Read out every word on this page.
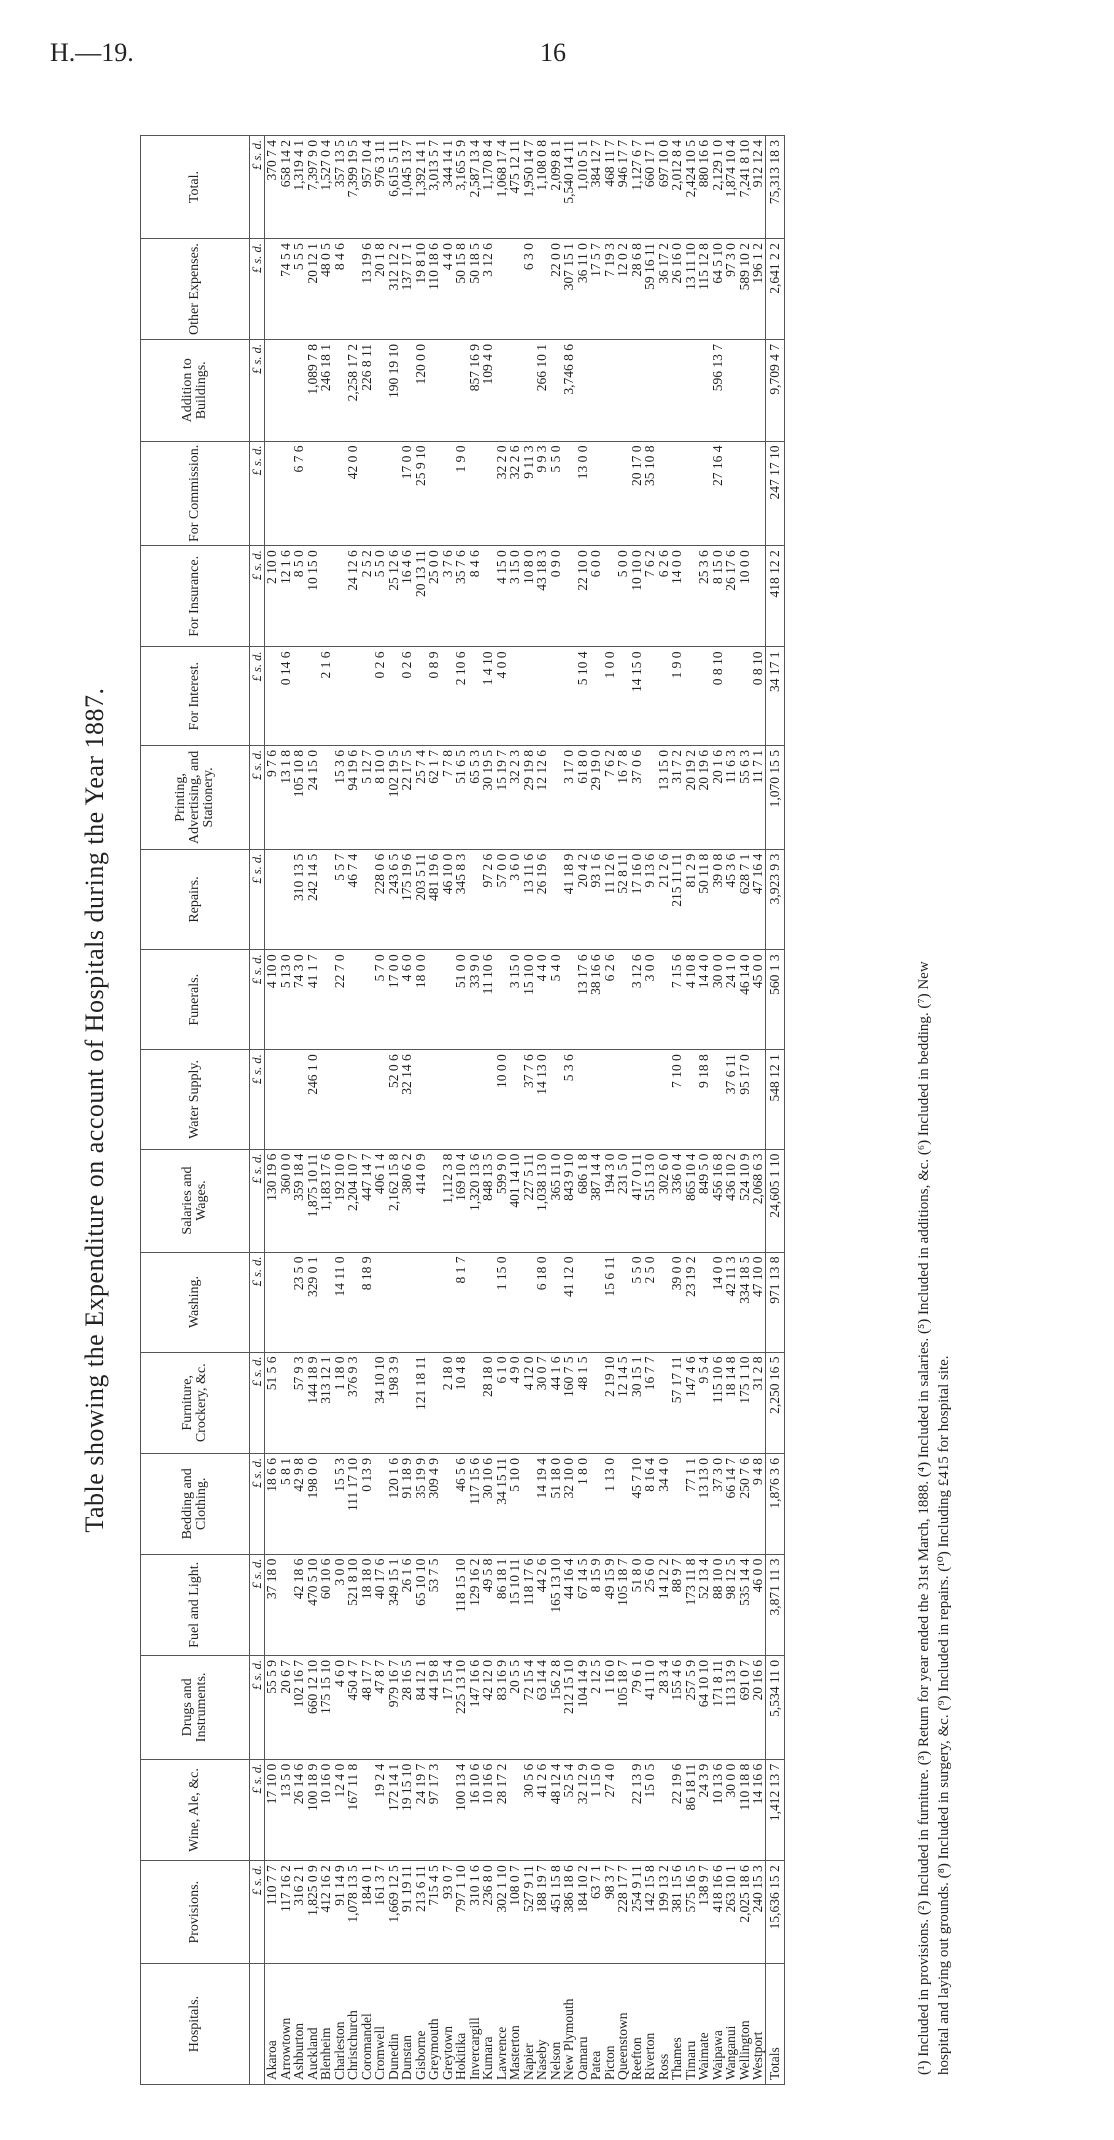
H.—19.	16
Table showing the Expenditure on account of Hospitals during the Year 1887.
Hospitals.	Provisions.	Wine, Ale, &c.	Drugs and Instruments.	Fuel and Light.	Bedding and Clothing.	Furniture, Crockery, &c.	Washing.	Salaries and Wages.	Water Supply.	Funerals.	Repairs.	Printing, Advertising, and Stationery.	For Interest.	For Insurance.	For Commission.	Addition to Buildings.	Other Expenses.	Total.
	£ s. d.	£ s. d.	£ s. d.	£ s. d.	£ s. d.	£ s. d.	£ s. d.	£ s. d.	£ s. d.	£ s. d.	£ s. d.	£ s. d.	£ s. d.	£ s. d.	£ s. d.	£ s. d.	£ s. d.	£ s. d.
Akaroa	110 7 7	17 10 0	55 5 9	37 18 0	18 6 6	51 5 6		130 19 6		4 10 0		9 7 6		2 10 0				370 7 4
Arrowtown	117 16 2	13 5 0	20 6 7		5 8 1			360 0 0		5 13 0		13 1 8	0 14 6	12 1 6			74 5 4	658 14 2
Ashburton	316 2 1	26 14 6	102 16 7	42 18 6	42 9 8	57 9 3	23 5 0	359 18 4		74 3 0	310 13 5	105 10 8		8 5 0	6 7 6		5 5 5	1,319 4 1
Auckland	1,825 0 9	100 18 9	660 12 10	470 5 10	198 0 0	144 18 9	329 0 1	1,875 10 11	246 1 0	41 1 7	242 14 5	24 15 0		10 15 0		1,089 7 8	20 12 1	7,397 9 0
Blenheim	412 16 2	10 16 0	175 15 10	60 10 6		313 12 1		1,183 17 6					2 1 6			246 18 1	48 0 5	1,527 0 4
Charleston	91 14 9	12 4 0	4 6 0	3 0 0	15 5 3	1 18 0	14 11 0	192 10 0		22 7 0	5 5 7	15 3 6					8 4 6	357 13 5
Christchurch	1,078 13 5	167 11 8	450 4 7	521 8 10	111 17 10	376 9 3		2,204 10 7			46 7 4	94 19 6		24 12 6	42 0 0	2,258 17 2		7,399 19 5
Coromandel	184 0 1		48 17 7	18 18 0	0 13 9		8 18 9	447 14 7				5 12 7		2 5 2		226 8 11	13 19 6	957 10 4
Cromwell	161 3 7	19 2 4	47 8 7	40 17 6		34 10 10		406 1 4		5 7 0	228 0 6	8 10 0	0 2 6	5 5 0			20 1 8	976 3 11
Dunedin	1,669 12 5	172 14 1	979 16 7	349 15 1	120 1 6	198 3 9		2,162 15 8	52 0 6	17 0 0	243 6 5	102 19 5		25 12 6		190 19 10	312 12 2	6,615 5 11
Dunstan	91 19 11	19 15 10	28 16 5	26 1 6	91 18 9			380 6 2	32 14 6	4 6 0	175 19 6	22 17 5	0 2 6	16 4 6	17 0 0		137 17 1	1,045 13 7
Gisborne	213 6 11	24 19 7	84 12 1	65 10 10	35 19 9	121 18 11		414 0 9		18 0 0	203 5 11	25 7 4		20 13 11	25 9 10	120 0 0	19 8 10	1,392 14 1
Greymouth	715 4 5	97 17 3	44 19 8	53 7 5	309 4 9						481 19 6	62 1 7	0 8 9	25 0 0			110 18 6	3,013 5 7
Greytown	93 0 7		17 15 4			2 18 0		1,112 3 8			46 10 0	7 7 8		3 7 6			4 4 0	344 14 1
Hokitika	797 1 10	100 13 4	225 13 10	118 15 10	46 5 6	10 4 8	8 1 7	169 10 4		51 0 0	345 8 3	51 6 5	2 10 6	35 7 6	1 9 0		50 15 8	3,165 5 9
Invercargill	310 1 6	16 10 6	147 16 6	129 16 2	117 15 6			1,320 13 6		33 9 0		65 5 3		8 4 6		857 16 9	50 18 5	2,587 13 4
Kumara	236 8 0	10 16 6	42 12 0	49 5 8	30 10 6	28 18 0		848 13 5		11 10 6	97 2 6	30 19 5	1 4 10			109 4 0	3 12 6	1,170 8 4
Lawrence	302 1 10	28 17 2	83 16 9	86 18 1	34 15 11	6 1 0	1 15 0	599 9 0	10 0 0		57 0 0	15 19 7	4 0 0	4 15 0	32 2 0			1,068 17 4
Masterton	108 0 7		20 5 5	15 10 11	5 10 0	4 9 0		401 14 10		3 15 0	3 6 0	32 2 3		3 15 0	32 2 6			475 12 11
Napier	527 9 11	30 5 6	72 15 4	118 17 6		4 12 0		227 5 11	37 7 6	15 10 0	13 11 6	29 19 8		10 8 0	9 11 3		6 3 0	1,950 14 7
Naseby	188 19 7	41 2 6	63 14 4	44 2 6	14 19 4	30 0 7	6 18 0	1,038 13 0	14 13 0	4 4 0	26 19 6	12 12 6		43 18 3	9 9 3	266 10 1		1,108 0 8
Nelson	451 15 8	48 12 4	156 2 8	165 13 10	51 18 0	44 1 6		365 11 0		5 4 0				0 9 0	5 5 0		22 0 0	2,099 8 1
New Plymouth	386 18 6	52 5 4	212 15 10	44 16 4	32 10 0	160 7 5	41 12 0	843 9 10	5 3 6		41 18 9	3 17 0				3,746 8 6	307 15 1	5,540 14 11
Oamaru	184 10 2	32 12 9	104 14 9	67 14 5	1 8 0	48 1 5		686 1 8		13 17 6	20 4 2	61 8 0	5 10 4	22 10 0	13 0 0		36 11 0	1,010 5 1
Patea	63 7 1	1 15 0	2 12 5	8 15 9				387 14 4		38 16 6	93 1 6	29 19 0		6 0 0			17 5 7	384 12 7
Picton	98 3 7	27 4 0	1 16 0	49 15 9	1 13 0	2 19 10	15 6 11	194 3 0		6 2 6	11 12 6	7 6 2	1 0 0				7 19 3	468 11 7
Queenstown	228 17 7		105 18 7	105 18 7		12 14 5		231 5 0			52 8 11	16 7 8		5 0 0			12 0 2	946 17 7
Reefton	254 9 11	22 13 9	79 6 1	51 8 0	45 7 10	30 15 1	5 5 0	417 0 11		3 12 6	17 16 0	37 0 6	14 15 0	10 10 0	20 17 0		28 6 8	1,127 6 7
Riverton	142 15 8	15 0 5	41 11 0	25 6 0	8 16 4	16 7 7	2 5 0	515 13 0		3 0 0	9 13 6			7 6 2	35 10 8		59 16 11	660 17 1
Ross	199 13 2		28 3 4	14 12 2	34 4 0			302 6 0			21 2 6	13 15 0		6 2 6			36 17 2	697 10 0
Thames	381 15 6	22 19 6	155 4 6	88 9 7		57 17 11	39 0 0	336 0 4	7 10 0	7 15 6	215 11 11	31 7 2	1 9 0	14 0 0			26 16 0	2,012 8 4
Timaru	575 16 5	86 18 11	257 5 9	173 11 8	77 1 1	147 4 6	23 19 2	865 10 4		4 10 8	81 2 9	20 19 2					13 11 10	2,424 10 5
Waimate	138 9 7	24 3 9	64 10 10	52 13 4	13 13 0	9 5 4		849 5 0	9 18 8	14 4 0	50 11 8	20 19 6		25 3 6			115 12 8	880 16 6
Waipawa	418 16 6	10 13 6	171 8 11	88 10 0	37 3 0	115 10 6	14 0 0	456 16 8		30 0 0	39 0 8	20 1 6	0 8 10	8 15 0	27 16 4	596 13 7	64 5 10	2,129 1 0
Wanganui	263 10 1	30 0 0	113 13 9	98 12 5	66 14 7	18 14 8	42 11 3	436 10 2	37 6 11	24 1 0	45 3 6	11 6 3		26 17 6			97 3 0	1,874 10 4
Wellington	2,025 18 6	110 18 8	691 0 7	535 14 4	250 7 6	175 1 10	334 18 5	524 10 9	95 17 0	46 14 0	628 7 1	55 6 3		10 0 0			589 10 2	7,241 8 10
Westport	240 15 3	14 16 6	20 16 6	46 0 0	9 4 8	31 2 8	47 10 0	2,068 6 3		45 0 0	47 16 4	11 7 1	0 8 10				196 1 2	912 12 4
Totals	15,636 15 2	1,412 13 7	5,534 11 0	3,871 11 3	1,876 3 6	2,250 16 5	971 13 8	24,605 1 10	548 12 1	560 1 3	3,923 9 3	1,070 15 5	34 17 1	418 12 2	247 17 10	9,709 4 7	2,641 2 2	75,313 18 3
(¹) Included in provisions. (²) Included in furniture. (³) Return for year ended the 31st March, 1888. (⁴) Included in salaries. (⁵) Included in additions, &c. (⁶) Included in bedding. (⁷) New hospital and laying out grounds. (⁸) Included in surgery, &c. (⁹) Included in repairs. (¹⁰) Including £415 for hospital site.
